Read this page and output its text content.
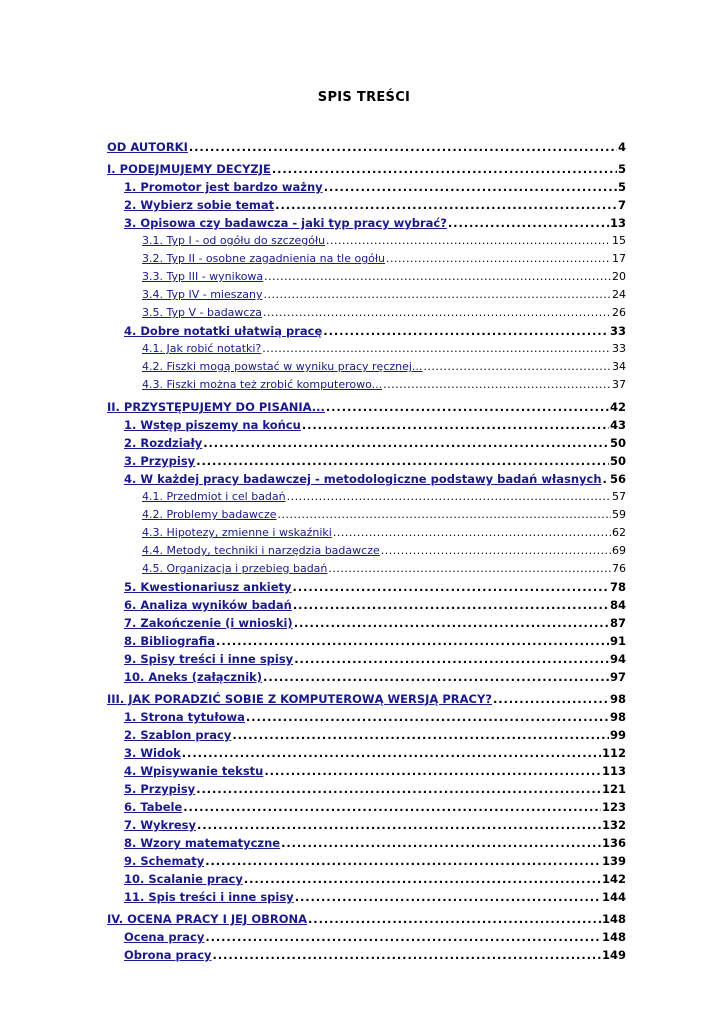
SPIS TREŚCI
OD AUTORKI .....	4
I. PODEJMUJEMY DECYZJE .....	5
1. Promotor jest bardzo ważny .....	5
2. Wybierz sobie temat .....	7
3. Opisowa czy badawcza - jaki typ pracy wybrać? .....	13
3.1. Typ I - od ogółu do szczegółu .....	15
3.2. Typ II - osobne zagadnienia na tle ogółu .....	17
3.3. Typ III - wynikowa .....	20
3.4. Typ IV - mieszany .....	24
3.5. Typ V - badawcza .....	26
4. Dobre notatki ułatwią pracę .....	33
4.1. Jak robić notatki? .....	33
4.2. Fiszki mogą powstać w wyniku pracy ręcznej... .....	34
4.3. Fiszki można też zrobić komputerowo... .....	37
II. PRZYSTĘPUJEMY DO PISANIA... .....	42
1. Wstęp piszemy na końcu .....	43
2. Rozdziały .....	50
3. Przypisy .....	50
4. W każdej pracy badawczej - metodologiczne podstawy badań własnych ..... 56
4.1. Przedmiot i cel badań .....	57
4.2. Problemy badawcze .....	59
4.3. Hipotezy, zmienne i wskaźniki .....	62
4.4. Metody, techniki i narzędzia badawcze .....	69
4.5. Organizacja i przebieg badań .....	76
5. Kwestionariusz ankiety .....	78
6. Analiza wyników badań .....	84
7. Zakończenie (i wnioski) .....	87
8. Bibliografia .....	91
9. Spisy treści i inne spisy .....	94
10. Aneks (załącznik) .....	97
III. JAK PORADZIĆ SOBIE Z KOMPUTEROWĄ WERSJĄ PRACY? .....	98
1. Strona tytułowa .....	98
2. Szablon pracy .....	99
3. Widok .....	112
4. Wpisywanie tekstu .....	113
5. Przypisy .....	121
6. Tabele .....	123
7. Wykresy .....	132
8. Wzory matematyczne .....	136
9. Schematy .....	139
10. Scalanie pracy .....	142
11. Spis treści i inne spisy .....	144
IV. OCENA PRACY I JEJ OBRONA .....	148
Ocena pracy .....	148
Obrona pracy .....	149
